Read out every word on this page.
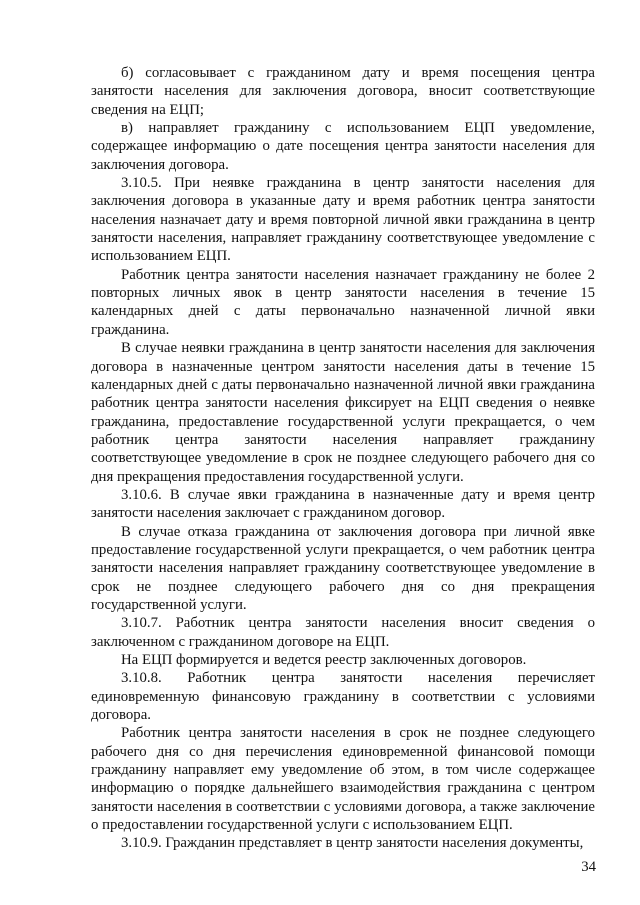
б) согласовывает с гражданином дату и время посещения центра занятости населения для заключения договора, вносит соответствующие сведения на ЕЦП;

в) направляет гражданину с использованием ЕЦП уведомление, содержащее информацию о дате посещения центра занятости населения для заключения договора.

3.10.5. При неявке гражданина в центр занятости населения для заключения договора в указанные дату и время работник центра занятости населения назначает дату и время повторной личной явки гражданина в центр занятости населения, направляет гражданину соответствующее уведомление с использованием ЕЦП.

Работник центра занятости населения назначает гражданину не более 2 повторных личных явок в центр занятости населения в течение 15 календарных дней с даты первоначально назначенной личной явки гражданина.

В случае неявки гражданина в центр занятости населения для заключения договора в назначенные центром занятости населения даты в течение 15 календарных дней с даты первоначально назначенной личной явки гражданина работник центра занятости населения фиксирует на ЕЦП сведения о неявке гражданина, предоставление государственной услуги прекращается, о чем работник центра занятости населения направляет гражданину соответствующее уведомление в срок не позднее следующего рабочего дня со дня прекращения предоставления государственной услуги.

3.10.6. В случае явки гражданина в назначенные дату и время центр занятости населения заключает с гражданином договор.

В случае отказа гражданина от заключения договора при личной явке предоставление государственной услуги прекращается, о чем работник центра занятости населения направляет гражданину соответствующее уведомление в срок не позднее следующего рабочего дня со дня прекращения государственной услуги.

3.10.7. Работник центра занятости населения вносит сведения о заключенном с гражданином договоре на ЕЦП.

На ЕЦП формируется и ведется реестр заключенных договоров.

3.10.8. Работник центра занятости населения перечисляет единовременную финансовую гражданину в соответствии с условиями договора.

Работник центра занятости населения в срок не позднее следующего рабочего дня со дня перечисления единовременной финансовой помощи гражданину направляет ему уведомление об этом, в том числе содержащее информацию о порядке дальнейшего взаимодействия гражданина с центром занятости населения в соответствии с условиями договора, а также заключение о предоставлении государственной услуги с использованием ЕЦП.

3.10.9. Гражданин представляет в центр занятости населения документы,

34
